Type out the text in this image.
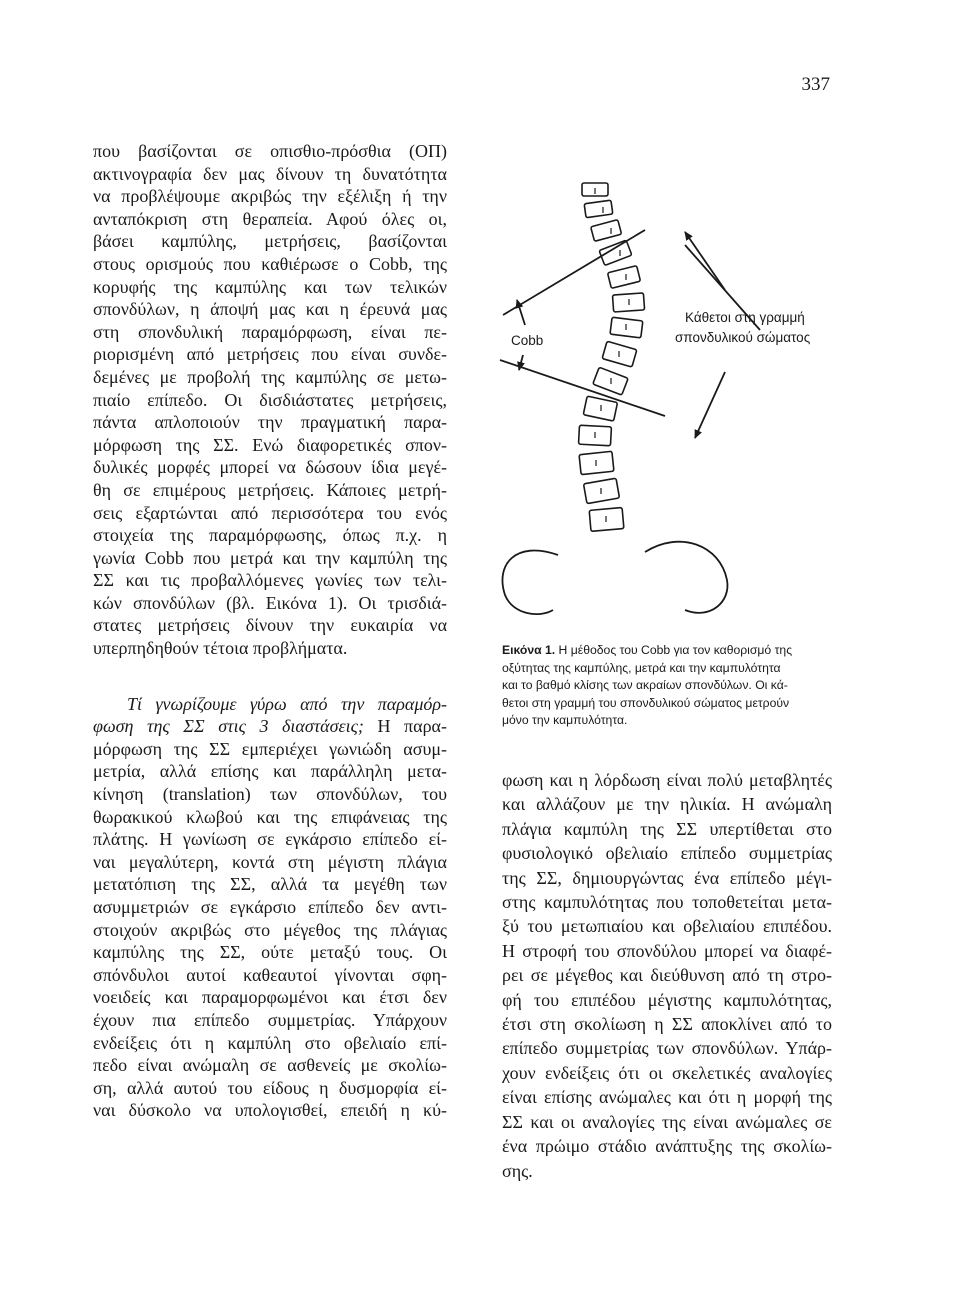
337
που βασίζονται σε οπισθιο-πρόσθια (ΟΠ)
ακτινογραφία δεν μας δίνουν τη δυνατότητα
να προβλέψουμε ακριβώς την εξέλιξη ή την
ανταπόκριση στη θεραπεία. Αφού όλες οι,
βάσει καμπύλης, μετρήσεις, βασίζονται
στους ορισμούς που καθιέρωσε ο Cobb, της
κορυφής της καμπύλης και των τελικών
σπονδύλων, η άποψή μας και η έρευνά μας
στη σπονδυλική παραμόρφωση, είναι πε-
ριορισμένη από μετρήσεις που είναι συνδε-
δεμένες με προβολή της καμπύλης σε μετω-
πιαίο επίπεδο. Οι δισδιάστατες μετρήσεις,
πάντα απλοποιούν την πραγματική παρα-
μόρφωση της ΣΣ. Ενώ διαφορετικές σπον-
δυλικές μορφές μπορεί να δώσουν ίδια μεγέ-
θη σε επιμέρους μετρήσεις. Κάποιες μετρή-
σεις εξαρτώνται από περισσότερα του ενός
στοιχεία της παραμόρφωσης, όπως π.χ. η
γωνία Cobb που μετρά και την καμπύλη της
ΣΣ και τις προβαλλόμενες γωνίες των τελι-
κών σπονδύλων (βλ. Εικόνα 1). Οι τρισδιά-
στατες μετρήσεις δίνουν την ευκαιρία να
υπερπηδηθούν τέτοια προβλήματα.
Τί γνωρίζουμε γύρω από την παραμόρ-
φωση της ΣΣ στις 3 διαστάσεις; Η παρα-
μόρφωση της ΣΣ εμπεριέχει γωνιώδη ασυμ-
μετρία, αλλά επίσης και παράλληλη μετα-
κίνηση (translation) των σπονδύλων, του
θωρακικού κλωβού και της επιφάνειας της
πλάτης. Η γωνίωση σε εγκάρσιο επίπεδο εί-
ναι μεγαλύτερη, κοντά στη μέγιστη πλάγια
μετατόπιση της ΣΣ, αλλά τα μεγέθη των
ασυμμετριών σε εγκάρσιο επίπεδο δεν αντι-
στοιχούν ακριβώς στο μέγεθος της πλάγιας
καμπύλης της ΣΣ, ούτε μεταξύ τους. Οι
σπόνδυλοι αυτοί καθεαυτοί γίνονται σφη-
νοειδείς και παραμορφωμένοι και έτσι δεν
έχουν πια επίπεδο συμμετρίας. Υπάρχουν
ενδείξεις ότι η καμπύλη στο οβελιαίο επί-
πεδο είναι ανώμαλη σε ασθενείς με σκολίω-
ση, αλλά αυτού του είδους η δυσμορφία εί-
ναι δύσκολο να υπολογισθεί, επειδή η κύ-
Cobb
Κάθετοι στη γραμμή
σπονδυλικού σώματος
Εικόνα 1. Η μέθοδος του Cobb για τον καθορισμό της
οξύτητας της καμπύλης, μετρά και την καμπυλότητα
και το βαθμό κλίσης των ακραίων σπονδύλων. Οι κά-
θετοι στη γραμμή του σπονδυλικού σώματος μετρούν
μόνο την καμπυλότητα.
φωση και η λόρδωση είναι πολύ μεταβλητές
και αλλάζουν με την ηλικία. Η ανώμαλη
πλάγια καμπύλη της ΣΣ υπερτίθεται στο
φυσιολογικό οβελιαίο επίπεδο συμμετρίας
της ΣΣ, δημιουργώντας ένα επίπεδο μέγι-
στης καμπυλότητας που τοποθετείται μετα-
ξύ του μετωπιαίου και οβελιαίου επιπέδου.
Η στροφή του σπονδύλου μπορεί να διαφέ-
ρει σε μέγεθος και διεύθυνση από τη στρο-
φή του επιπέδου μέγιστης καμπυλότητας,
έτσι στη σκολίωση η ΣΣ αποκλίνει από το
επίπεδο συμμετρίας των σπονδύλων. Υπάρ-
χουν ενδείξεις ότι οι σκελετικές αναλογίες
είναι επίσης ανώμαλες και ότι η μορφή της
ΣΣ και οι αναλογίες της είναι ανώμαλες σε
ένα πρώιμο στάδιο ανάπτυξης της σκολίω-
σης.
